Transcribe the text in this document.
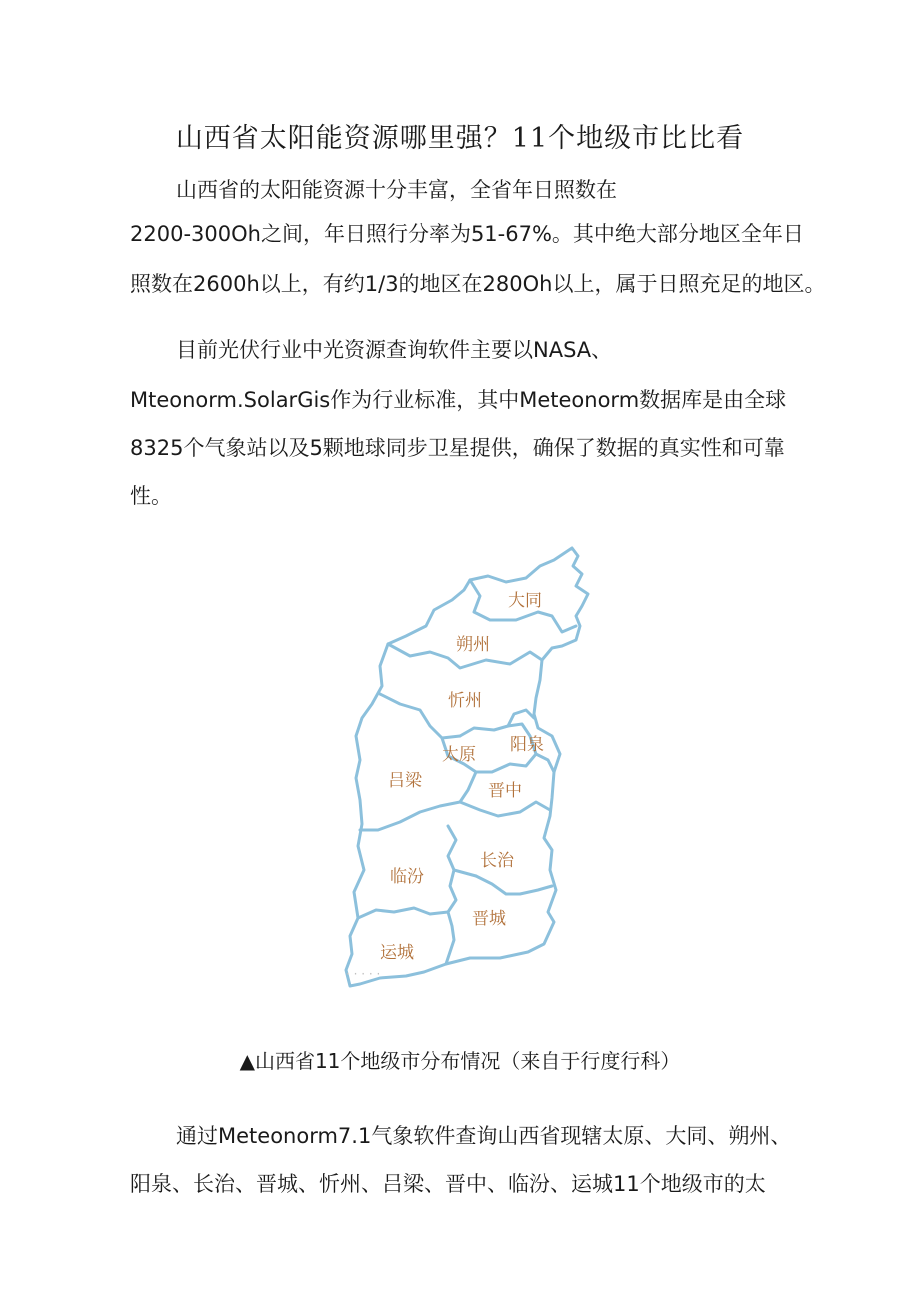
山西省太阳能资源哪里强？11个地级市比比看
山西省的太阳能资源十分丰富，全省年日照数在
2200-300Oh之间，年日照行分率为51-67%。其中绝大部分地区全年日
照数在2600h以上，有约1/3的地区在280Oh以上，属于日照充足的地区。
目前光伏行业中光资源查询软件主要以NASA、
Mteonorm.SolarGis作为行业标准，其中Meteonorm数据库是由全球
8325个气象站以及5颗地球同步卫星提供，确保了数据的真实性和可靠
性。
· · · · ·
大同
朔州
忻州
阳泉
太原
吕梁	晋中
长治
临汾
晋城
运城
▲山西省11个地级市分布情况（来自于行度行科）
通过Meteonorm7.1气象软件查询山西省现辖太原、大同、朔州、
阳泉、长治、晋城、忻州、吕梁、晋中、临汾、运城11个地级市的太
